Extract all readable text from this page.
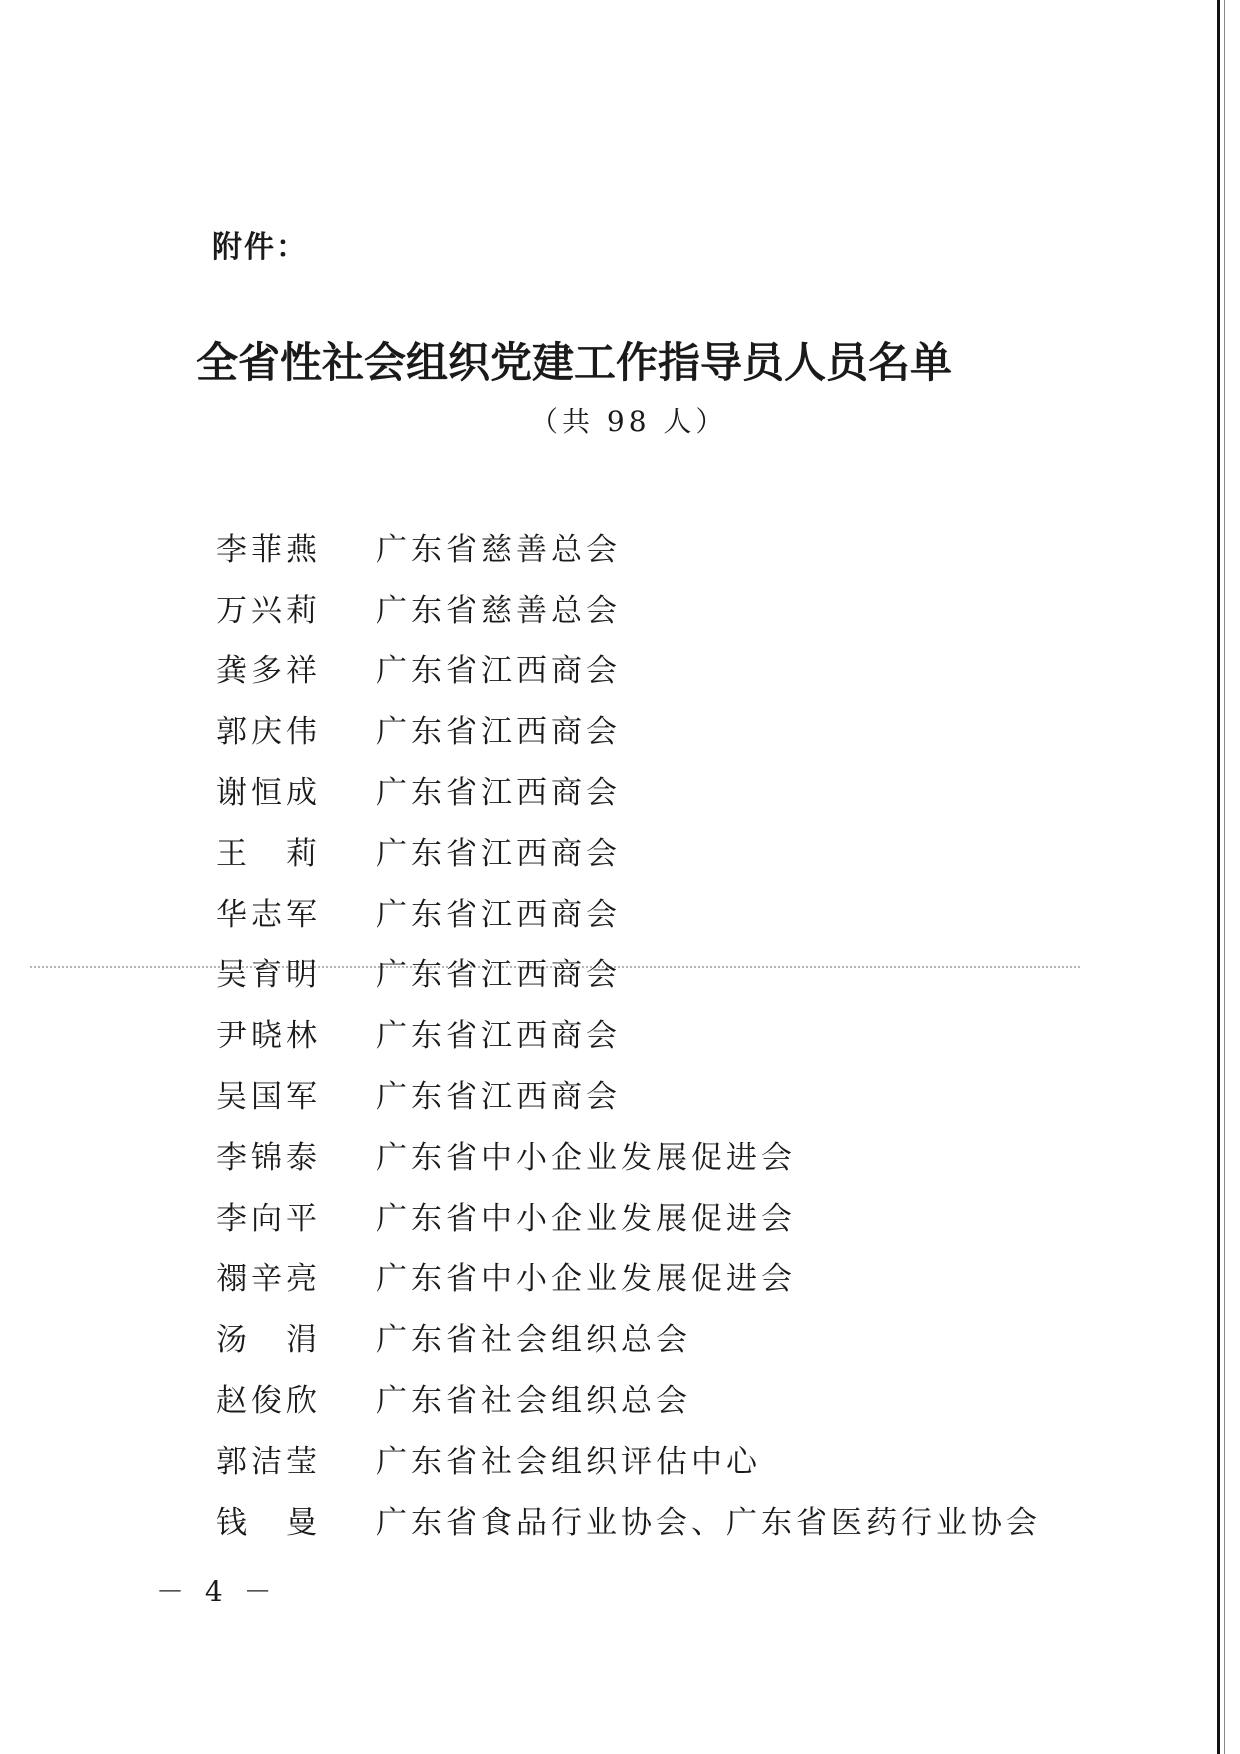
附件：
全省性社会组织党建工作指导员人员名单
（共 98 人）
李菲燕	广东省慈善总会
万兴莉	广东省慈善总会
龚多祥	广东省江西商会
郭庆伟	广东省江西商会
谢恒成	广东省江西商会
王　莉	广东省江西商会
华志军	广东省江西商会
吴育明	广东省江西商会
尹晓林	广东省江西商会
吴国军	广东省江西商会
李锦泰	广东省中小企业发展促进会
李向平	广东省中小企业发展促进会
禤辛亮	广东省中小企业发展促进会
汤　涓	广东省社会组织总会
赵俊欣	广东省社会组织总会
郭洁莹	广东省社会组织评估中心
钱　曼	广东省食品行业协会、广东省医药行业协会
－ 4 －
